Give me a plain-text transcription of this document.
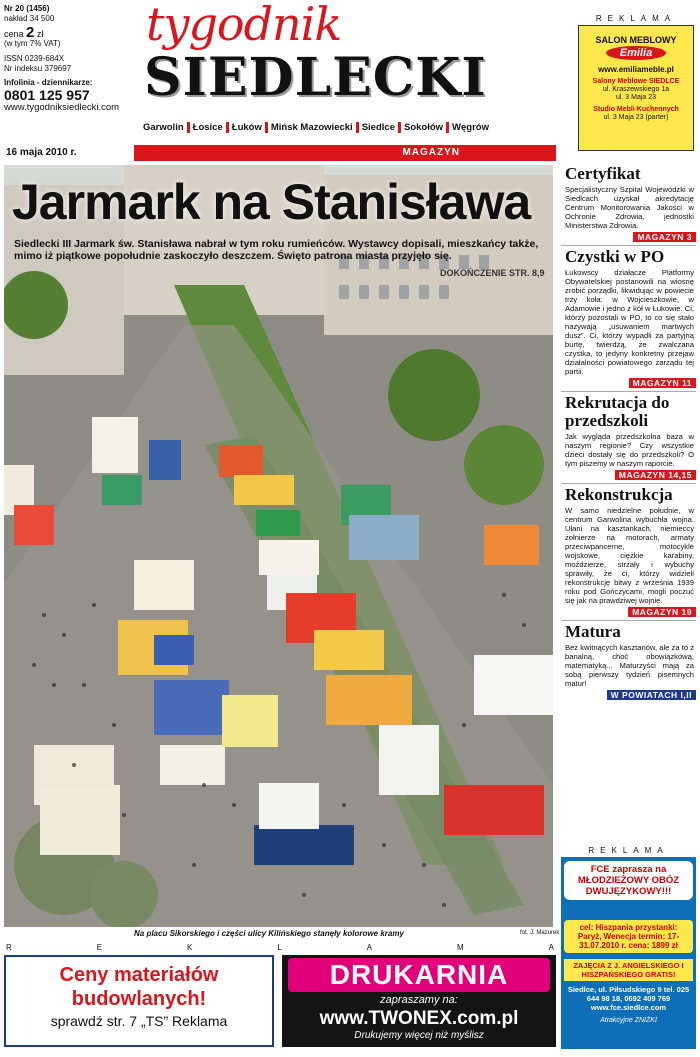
Nr 20 (1456)
nakład 34 500
cena 2 zł
(w tym 7% VAT)
ISSN 0239-684X
Nr indeksu 379697
Infolinia - dziennikarze:
0801 125 957
www.tygodniksiedlecki.com
tygodnik
SIEDLECKI
Garwolin Łosice Łuków Mińsk Mazowiecki Siedlce Sokołów Węgrów
REKLAMA
SALON MEBLOWY
Emilia
www.emiliameble.pl
Salony Meblowe SIEDLCE
ul. Kraszewskiego 1a
ul. 3 Maja 23
Studio Mebli Kuchennych
ul. 3 Maja 23 (parter)
16 maja 2010 r.	MAGAZYN
Jarmark na Stanisława
Siedlecki III Jarmark św. Stanisława nabrał w tym roku rumieńców. Wystawcy dopisali, mieszkańcy także, mimo iż piątkowe popołudnie zaskoczyło deszczem. Święto patrona miasta przyjęło się.
DOKOŃCZENIE STR. 8,9
Na placu Sikorskiego i części ulicy Kilińskiego stanęły kolorowe kramy	fot. J. Mazurek
Certyfikat

Specjalistyczny Szpital Wojewódzki w Siedlcach uzyskał akredytację Centrum Monitorowania Jakości w Ochronie Zdrowia, jednostki Ministerstwa Zdrowia.

MAGAZYN 3
Czystki w PO

Łukowscy działacze Platformy Obywatelskiej postanowili na wiosnę zrobić porządki, likwidując w powiecie trzy koła: w Wojcieszkowie, w Adamowie i jedno z kół w Łukowie. Ci, którzy pozostali w PO, to co się stało nazywają „usuwaniem martwych dusz”. Ci, którzy wypadli za partyjną burtę, twierdzą, że zwalczana czystka, to jedyny konkretny przejaw działalności powiatowego zarządu tej partii.

MAGAZYN 11
Rekrutacja do przedszkoli

Jak wygląda przedszkolna baza w naszym regionie? Czy wszystkie dzieci dostały się do przedszkoli? O tym piszemy w naszym raporcie.

MAGAZYN 14,15
Rekonstrukcja

W samo niedzielne południe, w centrum Garwolina wybuchła wojna. Ułani na kasztankach, niemieccy żołnierze na motorach, armaty przeciwpancerne, motocykle wojskowe, ciężkie karabiny, moździerze, strzały i wybuchy sprawiły, że ci, którzy widzieli rekonstrukcję bitwy z września 1939 roku pod Gończycami, mogli poczuć się jak na prawdziwej wojnie.

MAGAZYN 19
Matura

Bez kwitnących kasztanów, ale za to z banalną, choć obowiązkową, matematyką... Maturzyści mają za sobą pierwszy tydzień pisemnych matur!

W POWIATACH I,II
R	E	K	L	A	M	A
Ceny materiałów budowlanych!
sprawdź str. 7 „TS” Reklama
DRUKARNIA
zapraszamy na:
www.TWONEX.com.pl
Drukujemy więcej niż myślisz
REKLAMA
FCE zaprasza na MŁODZIEŻOWY OBÓZ DWUJĘZYKOWY!!!
cel: Hiszpania przystanki: Paryż, Wenecja termin: 17-31.07.2010 r. cena: 1899 zł
ZAJĘCIA Z J. ANGIELSKIEGO I HISZPAŃSKIEGO GRATIS!
Siedlce, ul. Piłsudskiego 9 tel. 025 644 98 18, 0692 409 769 www.fce.siedlce.com
Atrakcyjne ZNIŻKI
